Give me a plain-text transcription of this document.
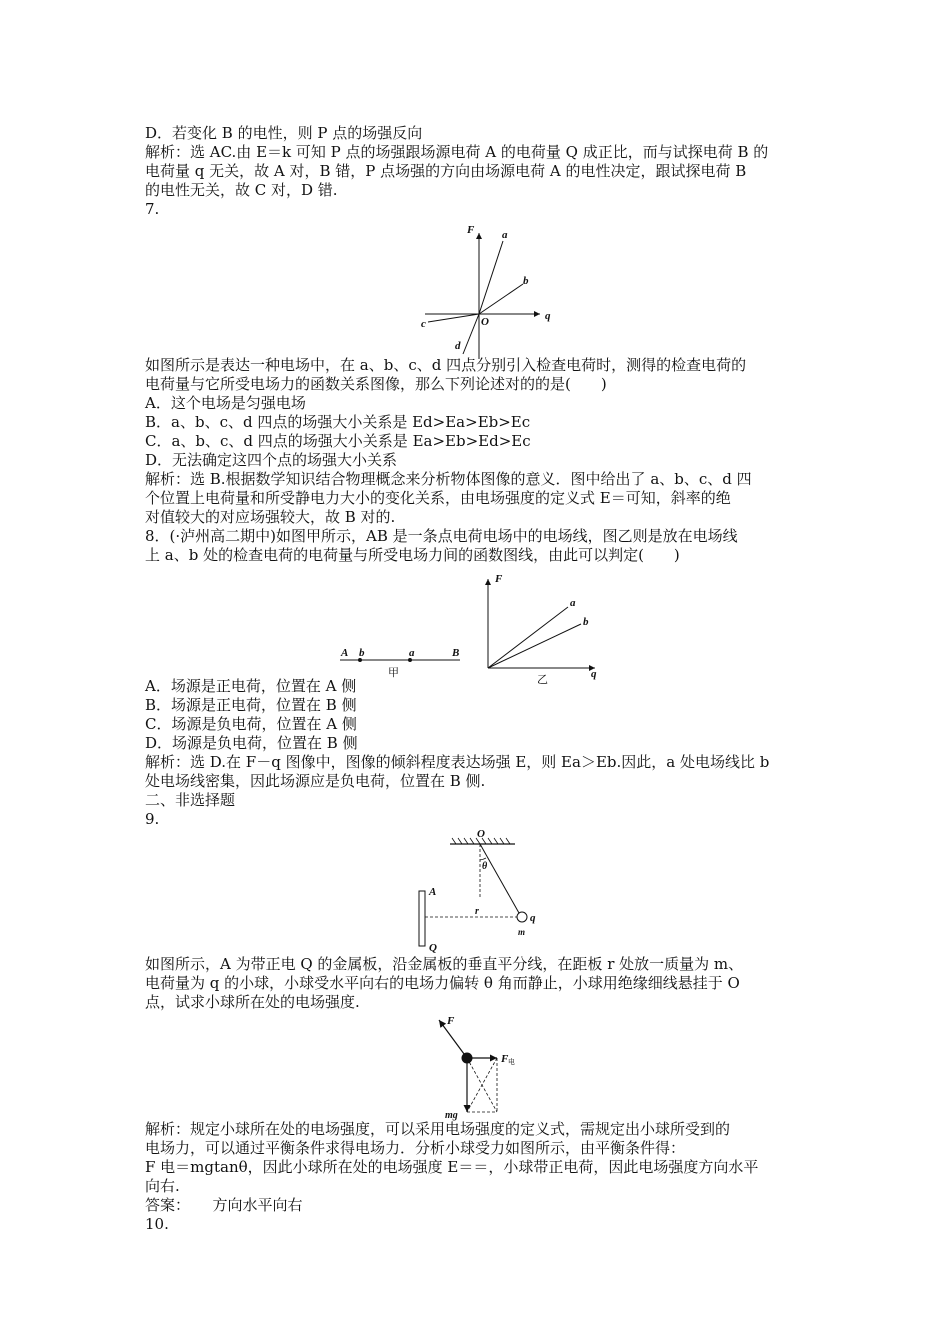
D．若变化 B 的电性，则 P 点的场强反向

解析：选 AC.由 E＝k 可知 P 点的场强跟场源电荷 A 的电荷量 Q 成正比，而与试探电荷 B 的

电荷量 q 无关，故 A 对，B 错，P 点场强的方向由场源电荷 A 的电性决定，跟试探电荷 B

的电性无关，故 C 对，D 错.

7.

F
q
O
a
b
c
d

如图所示是表达一种电场中，在 a、b、c、d 四点分别引入检查电荷时，测得的检查电荷的

电荷量与它所受电场力的函数关系图像，那么下列论述对的的是(　　)

A．这个电场是匀强电场

B．a、b、c、d 四点的场强大小关系是 Ed>Ea>Eb>Ec

C．a、b、c、d 四点的场强大小关系是 Ea>Eb>Ed>Ec

D．无法确定这四个点的场强大小关系

解析：选 B.根据数学知识结合物理概念来分析物体图像的意义．图中给出了 a、b、c、d 四

个位置上电荷量和所受静电力大小的变化关系，由电场强度的定义式 E＝可知，斜率的绝

对值较大的对应场强较大，故 B 对的.

8．(·泸州高二期中)如图甲所示，AB 是一条点电荷电场中的电场线，图乙则是放在电场线

上 a、b 处的检查电荷的电荷量与所受电场力间的函数图线，由此可以判定(　　)

A b	a	B
甲
F
q
a
b
乙

A．场源是正电荷，位置在 A 侧

B．场源是正电荷，位置在 B 侧

C．场源是负电荷，位置在 A 侧

D．场源是负电荷，位置在 B 侧

解析：选 D.在 F－q 图像中，图像的倾斜程度表达场强 E，则 Ea＞Eb.因此，a 处电场线比 b

处电场线密集，因此场源应是负电荷，位置在 B 侧.

二、非选择题

9.

O
θ
A
Q
r
q
m

如图所示，A 为带正电 Q 的金属板，沿金属板的垂直平分线，在距板 r 处放一质量为 m、

电荷量为 q 的小球，小球受水平向右的电场力偏转 θ 角而静止，小球用绝缘细线悬挂于 O

点，试求小球所在处的电场强度.

F
F 电
mg

解析：规定小球所在处的电场强度，可以采用电场强度的定义式，需规定出小球所受到的

电场力，可以通过平衡条件求得电场力．分析小球受力如图所示，由平衡条件得：

F 电＝mgtanθ，因此小球所在处的电场强度 E＝＝，小球带正电荷，因此电场强度方向水平

向右.

答案：　　方向水平向右

10.
